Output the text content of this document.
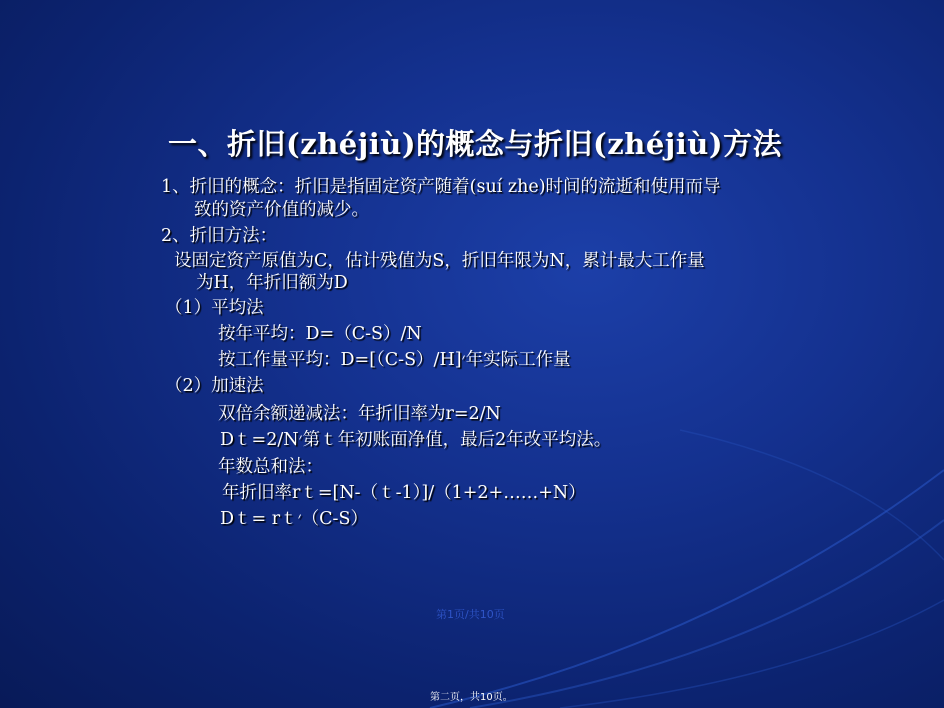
一、折旧(zhéjiù)的概念与折旧(zhéjiù)方法
1、折旧的概念：折旧是指固定资产随着(suí zhe)时间的流逝和使用而导
致的资产价值的减少。
2、折旧方法：
设固定资产原值为C，估计残值为S，折旧年限为N，累计最大工作量
为H，年折旧额为D
（1）平均法
按年平均：D=（C-S）/N
按工作量平均：D=[（C-S）/H]׳年实际工作量
（2）加速法
双倍余额递减法：年折旧率为r=2/N
Dｔ=2/N׳第ｔ年初账面净值，最后2年改平均法。
年数总和法：
年折旧率rｔ=[N-（ｔ-1）]/（1+2+……+N）
Dｔ= rｔ׳（C-S）
第1页/共10页
第二页，共10页。
